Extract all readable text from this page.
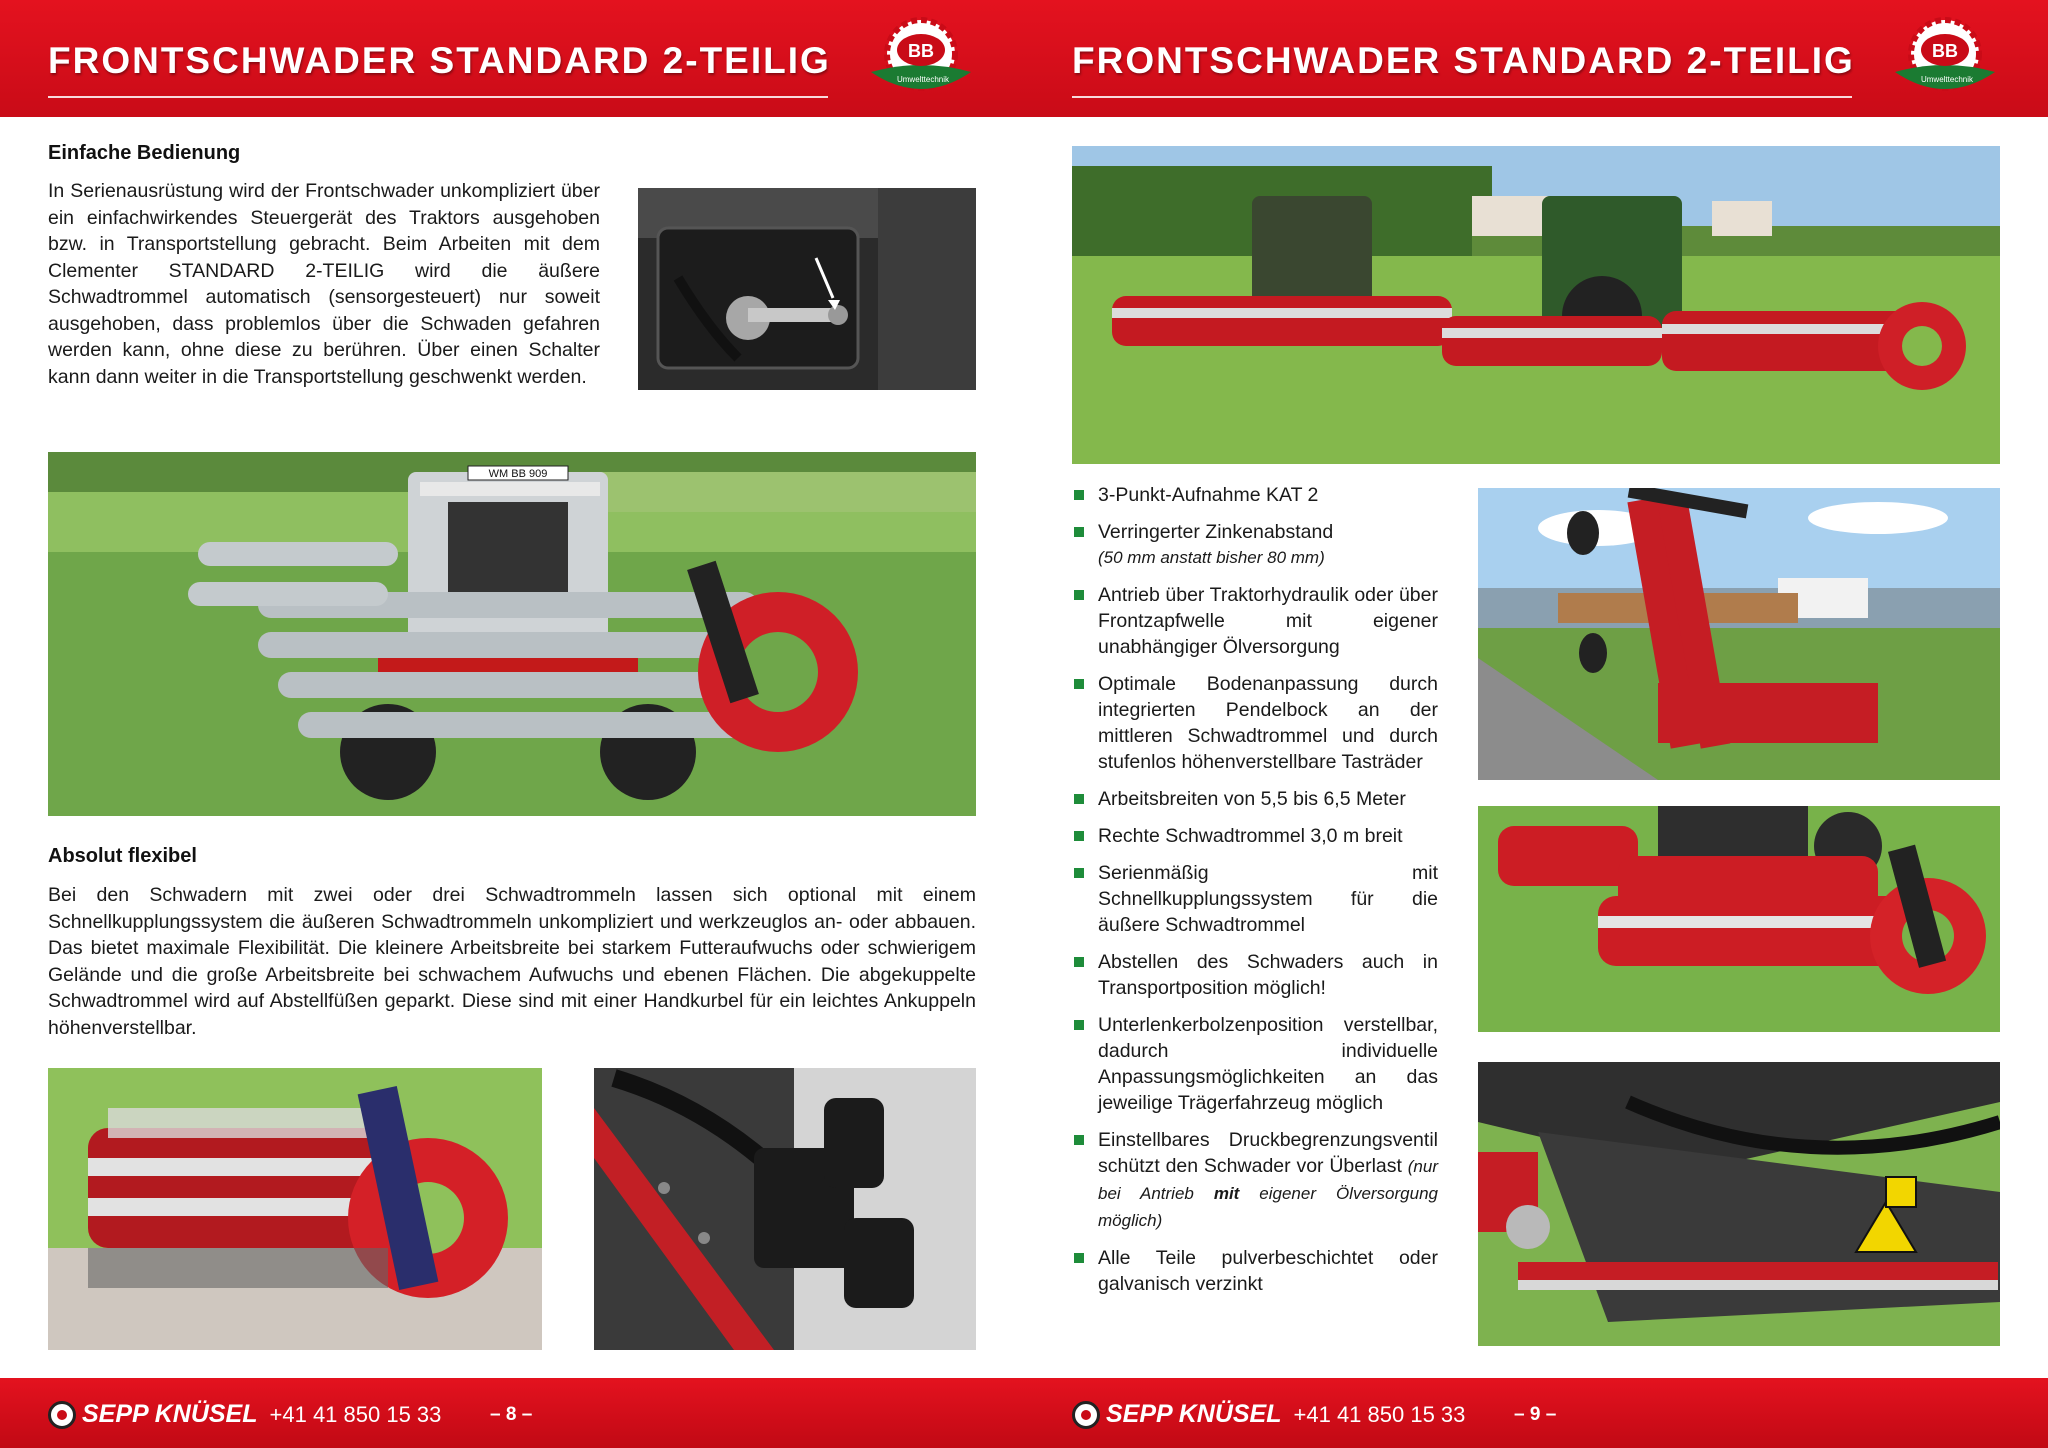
FRONTSCHWADER STANDARD 2-TEILIG	BB
Umwelttechnik	FRONTSCHWADER STANDARD 2-TEILIG	BB
Umwelttechnik
Einfache Bedienung

In Serienausrüstung wird der Frontschwader unkompliziert über ein einfachwirkendes Steuergerät des Traktors ausgehoben bzw. in Transportstellung gebracht. Beim Arbeiten mit dem Clementer STANDARD 2-TEILIG wird die äußere Schwadtrommel automatisch (sensorgesteuert) nur soweit ausgehoben, dass problemlos über die Schwaden gefahren werden kann, ohne diese zu berühren. Über einen Schalter kann dann weiter in die Transportstellung geschwenkt werden.

WM BB 909
Absolut flexibel

Bei den Schwadern mit zwei oder drei Schwadtrommeln lassen sich optional mit einem Schnellkupplungssystem die äußeren Schwadtrommeln unkompliziert und werkzeuglos an- oder abbauen. Das bietet maximale Flexibilität. Die kleinere Arbeitsbreite bei starkem Futteraufwuchs oder schwierigem Gelände und die große Arbeitsbreite bei schwachem Aufwuchs und ebenen Flächen. Die abgekuppelte Schwadtrommel wird auf Abstellfüßen geparkt. Diese sind mit einer Handkurbel für ein leichtes Ankuppeln höhenverstellbar.

3-Punkt-Aufnahme KAT 2
Verringerter Zinkenabstand
(50 mm anstatt bisher 80 mm)
Antrieb über Traktorhydraulik oder über Frontzapfwelle mit eigener unabhängiger Ölversorgung
Optimale Bodenanpassung durch integrierten Pendelbock an der mittleren Schwadtrommel und durch stufenlos höhenverstellbare Tasträder
Arbeitsbreiten von 5,5 bis 6,5 Meter
Rechte Schwadtrommel 3,0 m breit
Serienmäßig mit Schnellkupplungssystem für die äußere Schwadtrommel
Abstellen des Schwaders auch in Transportposition möglich!
Unterlenkerbolzenposition verstellbar, dadurch individuelle Anpassungsmöglichkeiten an das jeweilige Trägerfahrzeug möglich
Einstellbares Druckbegrenzungsventil schützt den Schwader vor Überlast (nur bei Antrieb mit eigener Ölversorgung möglich)
Alle Teile pulverbeschichtet oder galvanisch verzinkt
SEPP KNÜSEL +41 41 850 15 33	– 8 –	SEPP KNÜSEL +41 41 850 15 33	– 9 –
